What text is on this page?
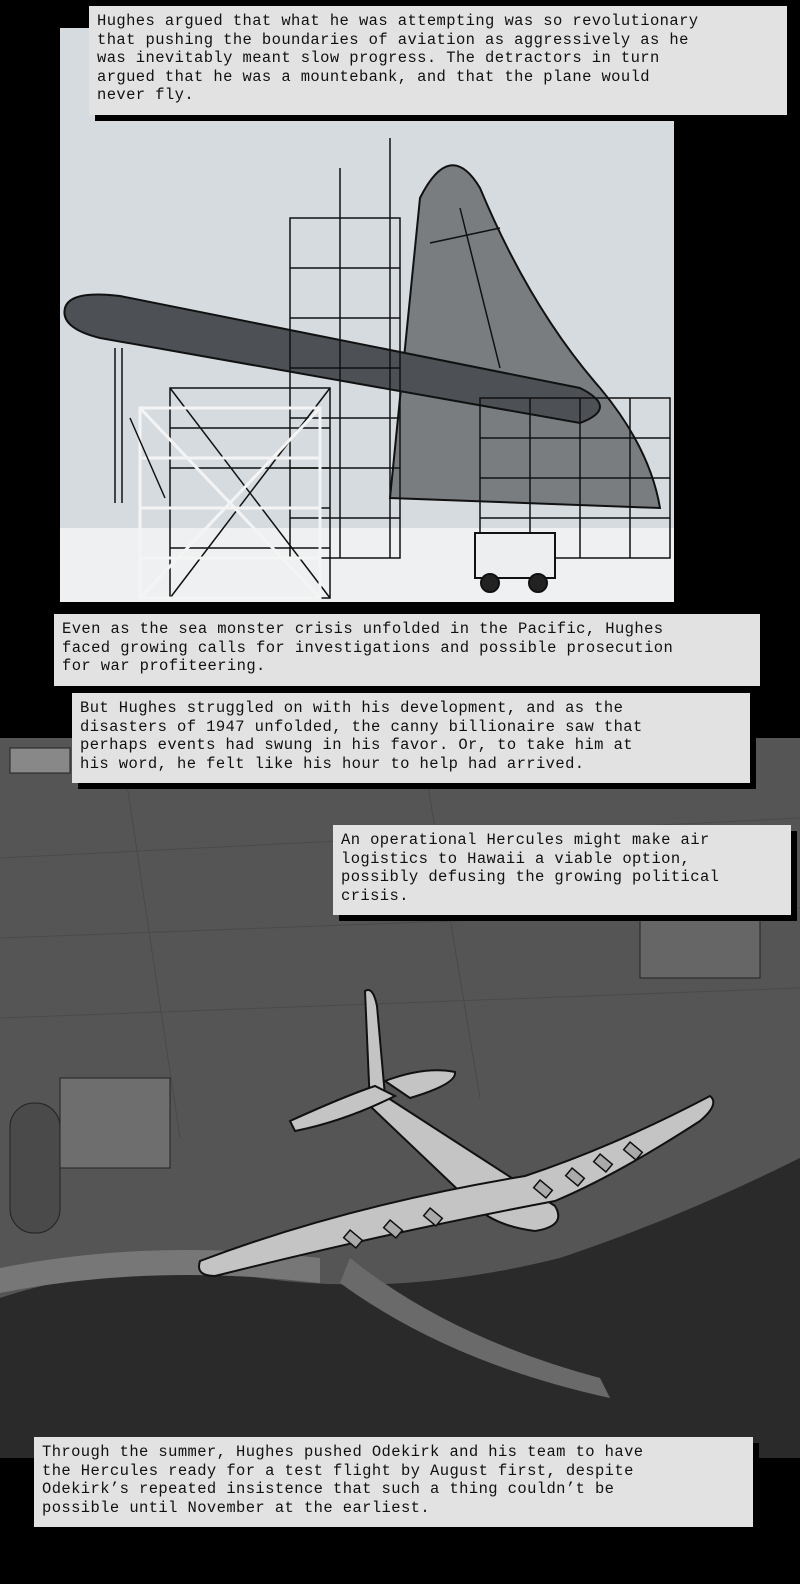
Hughes argued that what he was attempting was so revolutionary
that pushing the boundaries of aviation as aggressively as he
was inevitably meant slow progress. The detractors in turn
argued that he was a mountebank, and that the plane would
never fly.
Even as the sea monster crisis unfolded in the Pacific, Hughes
faced growing calls for investigations and possible prosecution
for war profiteering.
But Hughes struggled on with his development, and as the
disasters of 1947 unfolded, the canny billionaire saw that
perhaps events had swung in his favor. Or, to take him at
his word, he felt like his hour to help had arrived.
An operational Hercules might make air
logistics to Hawaii a viable option,
possibly defusing the growing political
crisis.
Through the summer, Hughes pushed Odekirk and his team to have
the Hercules ready for a test flight by August first, despite
Odekirk’s repeated insistence that such a thing couldn’t be
possible until November at the earliest.
